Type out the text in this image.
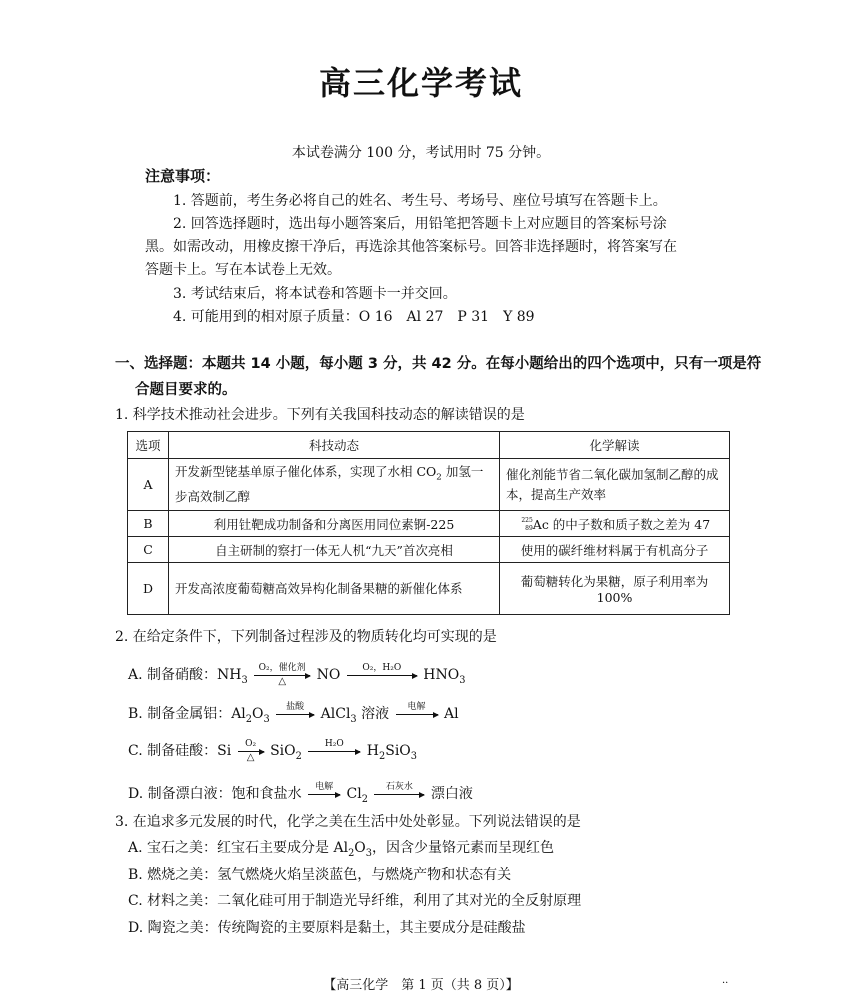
高三化学考试
本试卷满分 100 分，考试用时 75 分钟。
注意事项：
1. 答题前，考生务必将自己的姓名、考生号、考场号、座位号填写在答题卡上。
2. 回答选择题时，选出每小题答案后，用铅笔把答题卡上对应题目的答案标号涂
黑。如需改动，用橡皮擦干净后，再选涂其他答案标号。回答非选择题时，将答案写在
答题卡上。写在本试卷上无效。
3. 考试结束后，将本试卷和答题卡一并交回。
4. 可能用到的相对原子质量：O 16　Al 27　P 31　Y 89
一、选择题：本题共 14 小题，每小题 3 分，共 42 分。在每小题给出的四个选项中，只有一项是符
合题目要求的。
1. 科学技术推动社会进步。下列有关我国科技动态的解读错误的是
选项	科技动态	化学解读
A	开发新型铑基单原子催化体系，实现了水相 $CO_2$ 加氢一步高效制乙醇	催化剂能节省二氧化碳加氢制乙醇的成本，提高生产效率
B	利用钍靶成功制备和分离医用同位素锕-225	225
89 Ac 的中子数和质子数之差为 47
C	自主研制的察打一体无人机“九天”首次亮相	使用的碳纤维材料属于有机高分子
D	开发高浓度葡萄糖高效异构化制备果糖的新催化体系	葡萄糖转化为果糖，原子利用率为 100%
2. 在给定条件下，下列制备过程涉及的物质转化均可实现的是
A. 制备硝酸：$NH_3$
O₂，催化剂
△	NO	O₂，H₂O	$HNO_3$
B. 制备金属铝：$Al_2O_3$
盐酸	AlCl$_3$ 溶液	电解	Al
C. 制备硅酸：Si	O₂
△	SiO$_2$
H₂O	$H_2SiO_3$
D. 制备漂白液：饱和食盐水	电解 $Cl_2$
石灰水	漂白液
3. 在追求多元发展的时代，化学之美在生活中处处彰显。下列说法错误的是
A. 宝石之美：红宝石主要成分是 $Al_2O_3$，因含少量铬元素而呈现红色
B. 燃烧之美：氢气燃烧火焰呈淡蓝色，与燃烧产物和状态有关
C. 材料之美：二氧化硅可用于制造光导纤维，利用了其对光的全反射原理
D. 陶瓷之美：传统陶瓷的主要原料是黏土，其主要成分是硅酸盐
【高三化学　第 1 页（共 8 页）】	··
